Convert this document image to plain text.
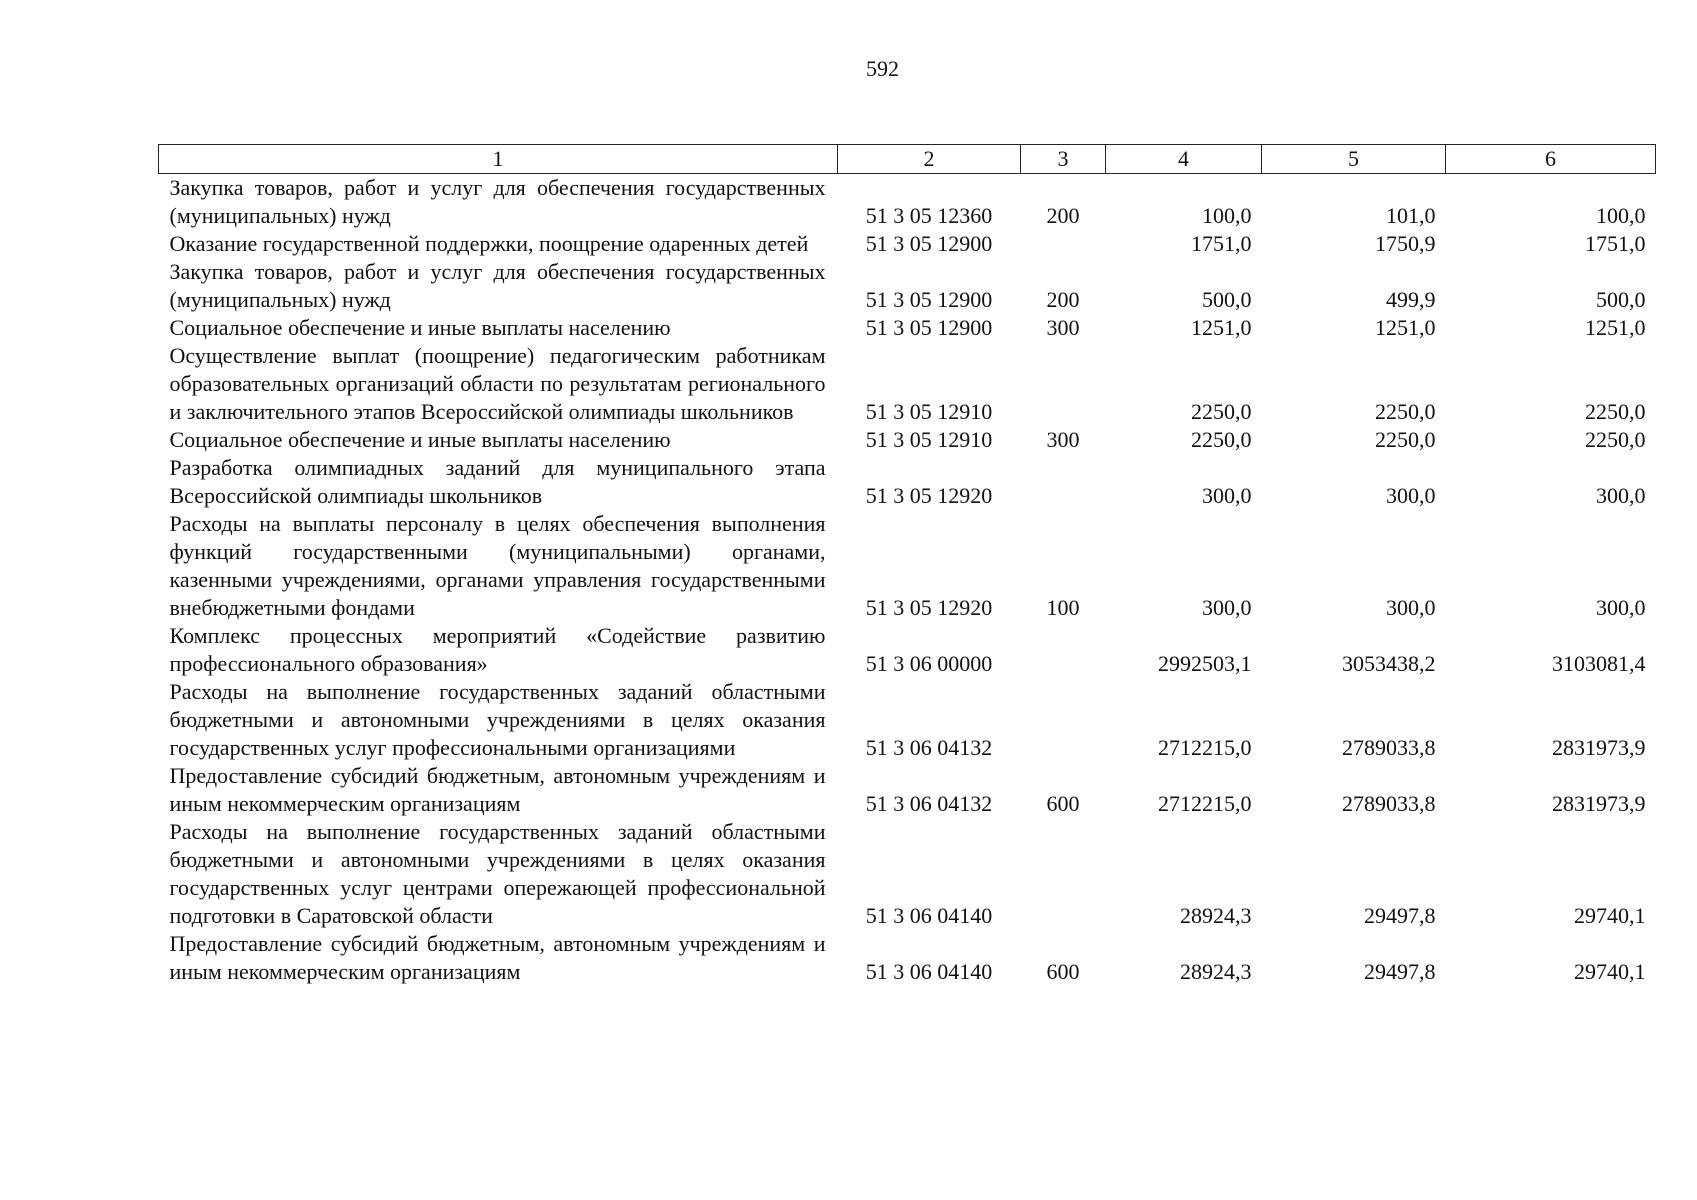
592
1	2	3	4	5	6
Закупка товаров, работ и услуг для обеспечения государственных (муниципальных) нужд	51 3 05 12360	200	100,0	101,0	100,0
Оказание государственной поддержки, поощрение одаренных детей	51 3 05 12900		1751,0	1750,9	1751,0
Закупка товаров, работ и услуг для обеспечения государственных (муниципальных) нужд	51 3 05 12900	200	500,0	499,9	500,0
Социальное обеспечение и иные выплаты населению	51 3 05 12900	300	1251,0	1251,0	1251,0
Осуществление выплат (поощрение) педагогическим работникам образовательных организаций области по результатам регионального и заключительного этапов Всероссийской олимпиады школьников	51 3 05 12910		2250,0	2250,0	2250,0
Социальное обеспечение и иные выплаты населению	51 3 05 12910	300	2250,0	2250,0	2250,0
Разработка олимпиадных заданий для муниципального этапа Всероссийской олимпиады школьников	51 3 05 12920		300,0	300,0	300,0
Расходы на выплаты персоналу в целях обеспечения выполнения функций государственными (муниципальными) органами, казенными учреждениями, органами управления государственными внебюджетными фондами	51 3 05 12920	100	300,0	300,0	300,0
Комплекс процессных мероприятий «Содействие развитию профессионального образования»	51 3 06 00000		2992503,1	3053438,2	3103081,4
Расходы на выполнение государственных заданий областными бюджетными и автономными учреждениями в целях оказания государственных услуг профессиональными организациями	51 3 06 04132		2712215,0	2789033,8	2831973,9
Предоставление субсидий бюджетным, автономным учреждениям и иным некоммерческим организациям	51 3 06 04132	600	2712215,0	2789033,8	2831973,9
Расходы на выполнение государственных заданий областными бюджетными и автономными учреждениями в целях оказания государственных услуг центрами опережающей профессиональной подготовки в Саратовской области	51 3 06 04140		28924,3	29497,8	29740,1
Предоставление субсидий бюджетным, автономным учреждениям и иным некоммерческим организациям	51 3 06 04140	600	28924,3	29497,8	29740,1
